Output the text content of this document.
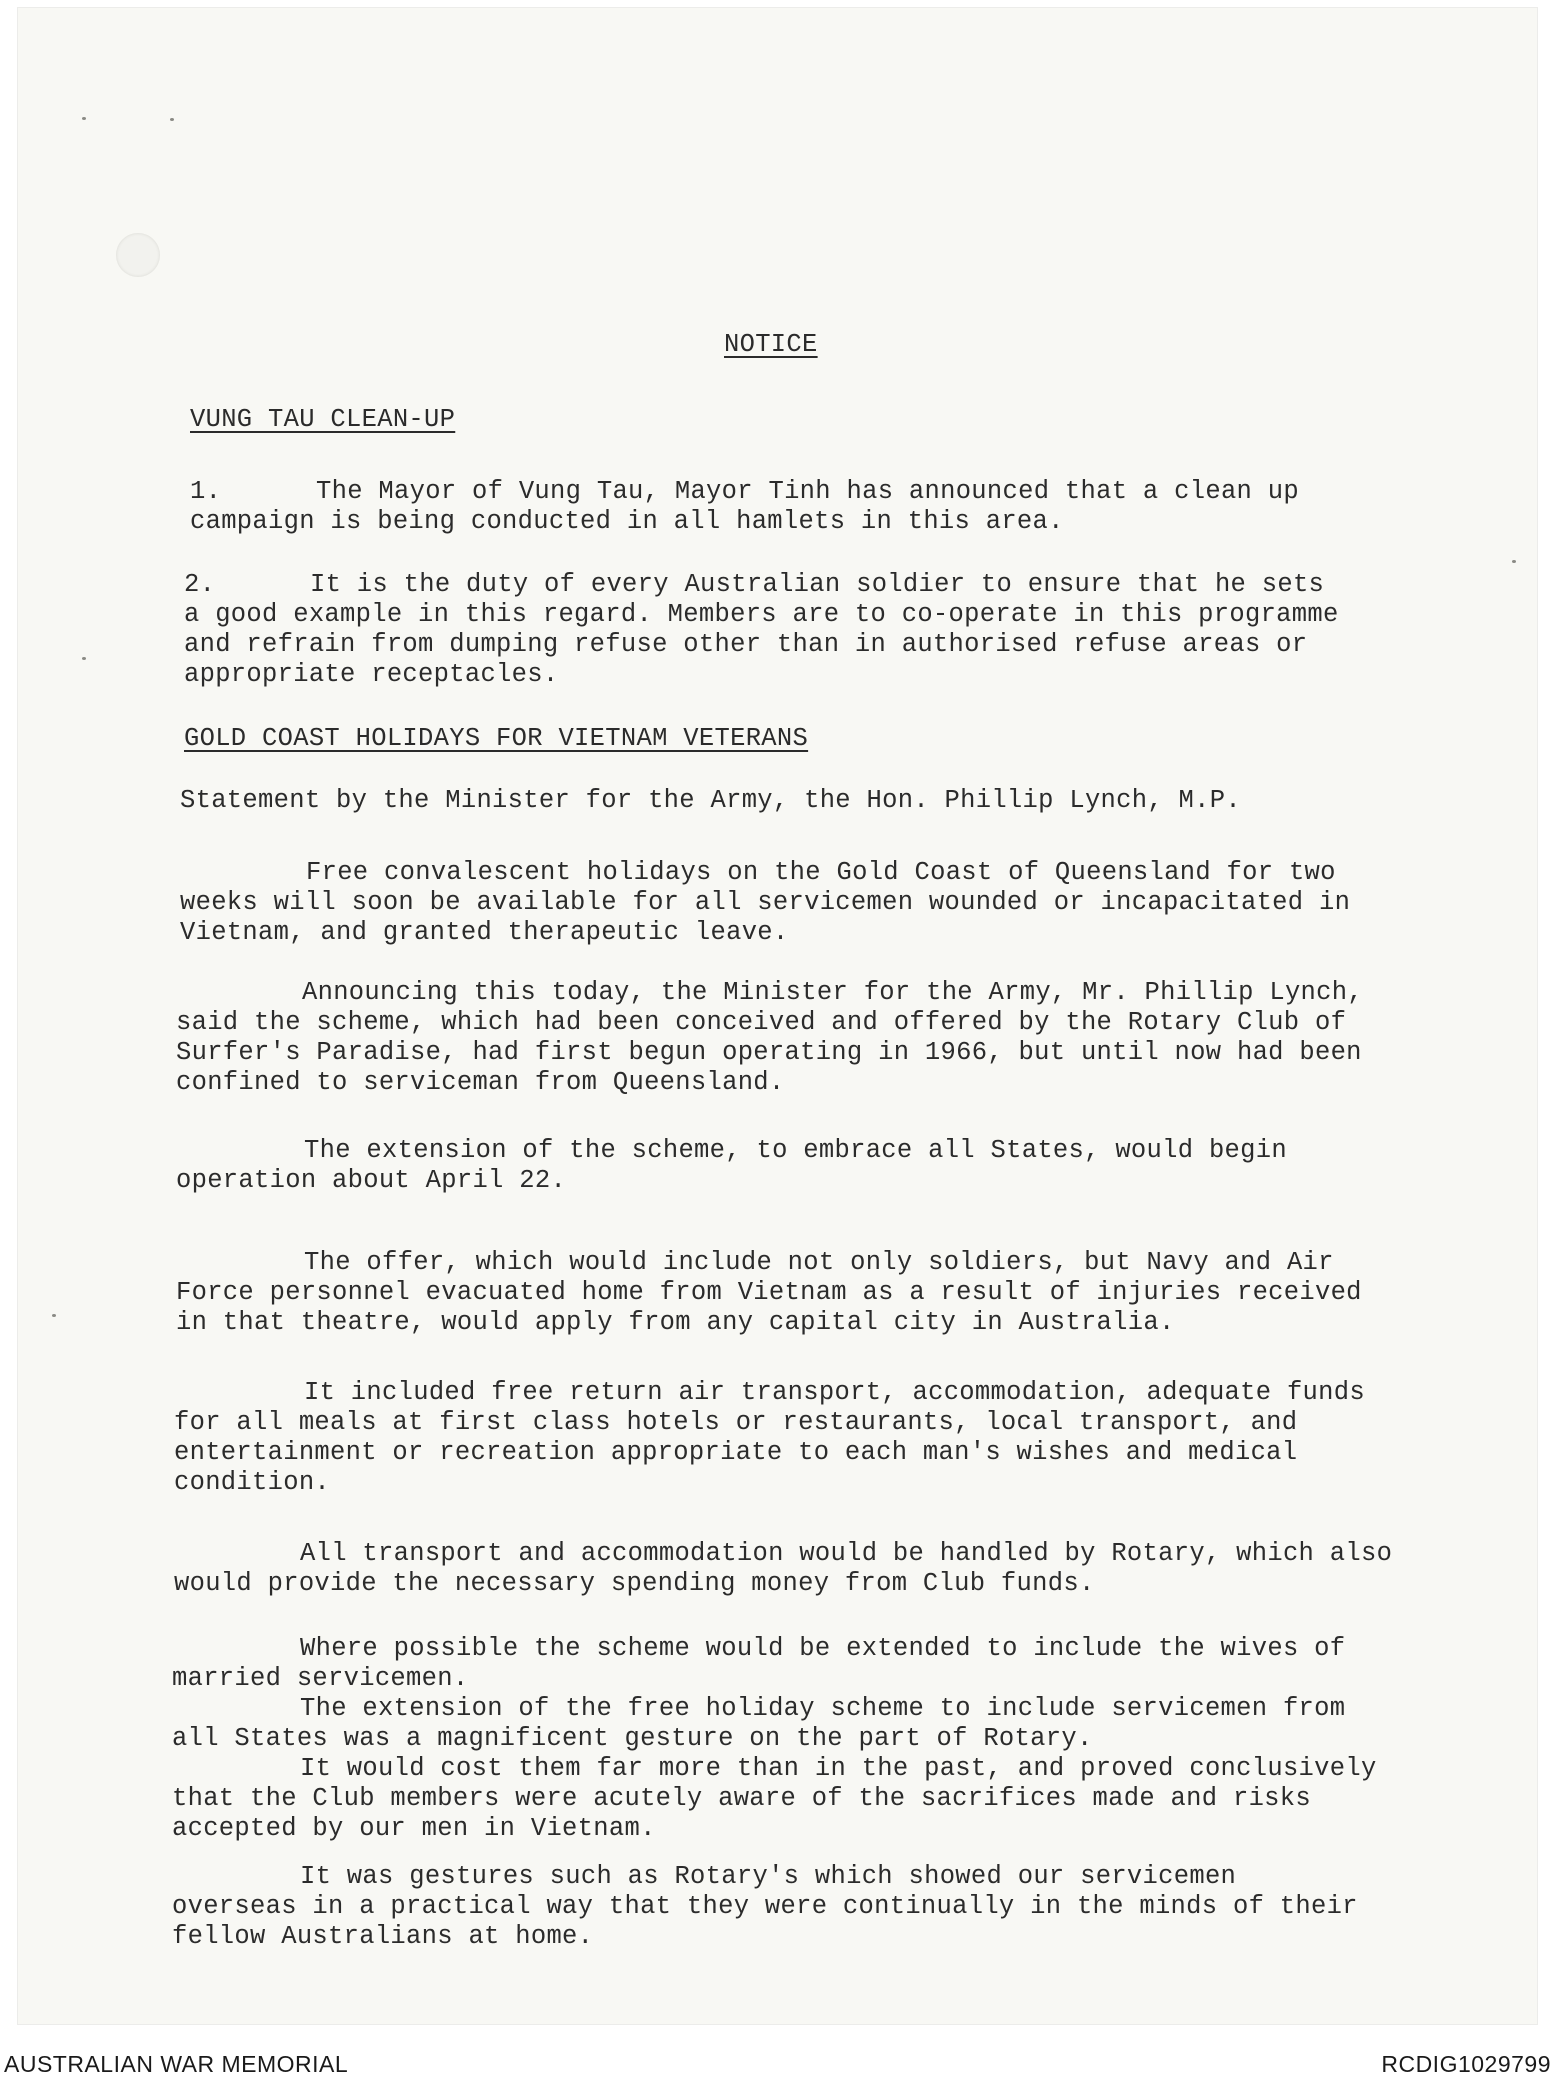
NOTICE
VUNG TAU CLEAN-UP
1.	The Mayor of Vung Tau, Mayor Tinh has announced that a clean up
campaign is being conducted in all hamlets in this area.
2.	It is the duty of every Australian soldier to ensure that he sets
a good example in this regard. Members are to co-operate in this programme
and refrain from dumping refuse other than in authorised refuse areas or
appropriate receptacles.
GOLD COAST HOLIDAYS FOR VIETNAM VETERANS
Statement by the Minister for the Army, the Hon. Phillip Lynch, M.P.
Free convalescent holidays on the Gold Coast of Queensland for two
weeks will soon be available for all servicemen wounded or incapacitated in
Vietnam, and granted therapeutic leave.
Announcing this today, the Minister for the Army, Mr. Phillip Lynch,
said the scheme, which had been conceived and offered by the Rotary Club of
Surfer's Paradise, had first begun operating in 1966, but until now had been
confined to serviceman from Queensland.
The extension of the scheme, to embrace all States, would begin
operation about April 22.
The offer, which would include not only soldiers, but Navy and Air
Force personnel evacuated home from Vietnam as a result of injuries received
in that theatre, would apply from any capital city in Australia.
It included free return air transport, accommodation, adequate funds
for all meals at first class hotels or restaurants, local transport, and
entertainment or recreation appropriate to each man's wishes and medical
condition.
All transport and accommodation would be handled by Rotary, which also
would provide the necessary spending money from Club funds.
Where possible the scheme would be extended to include the wives of
married servicemen.
The extension of the free holiday scheme to include servicemen from
all States was a magnificent gesture on the part of Rotary.
It would cost them far more than in the past, and proved conclusively
that the Club members were acutely aware of the sacrifices made and risks
accepted by our men in Vietnam.
It was gestures such as Rotary's which showed our servicemen
overseas in a practical way that they were continually in the minds of their
fellow Australians at home.
AUSTRALIAN WAR MEMORIAL	RCDIG1029799
